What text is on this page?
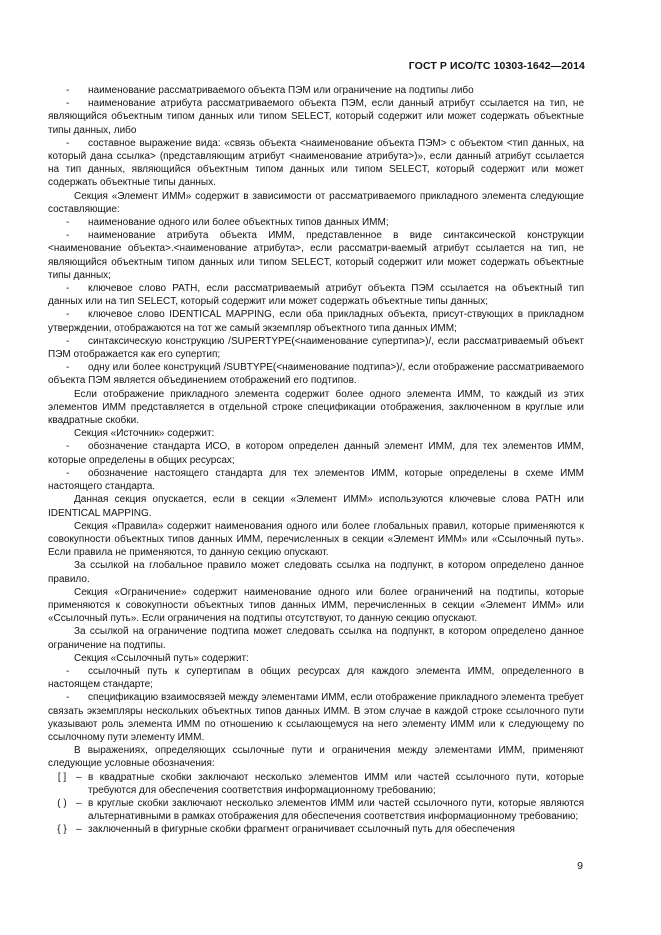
ГОСТ Р ИСО/ТС 10303-1642—2014

- наименование рассматриваемого объекта ПЭМ или ограничение на подтипы либо

- наименование атрибута рассматриваемого объекта ПЭМ, если данный атрибут ссылается на тип, не являющийся объектным типом данных или типом SELECT, который содержит или может содержать объектные типы данных, либо

- составное выражение вида: «связь объекта <наименование объекта ПЭМ> с объектом <тип данных, на который дана ссылка> (представляющим атрибут <наименование атрибута>)», если данный атрибут ссылается на тип данных, являющийся объектным типом данных или типом SELECT, который содержит или может содержать объектные типы данных.

Секция «Элемент ИММ» содержит в зависимости от рассматриваемого прикладного элемента следующие составляющие:

- наименование одного или более объектных типов данных ИММ;

- наименование атрибута объекта ИММ, представленное в виде синтаксической конструкции <наименование объекта>.<наименование атрибута>, если рассматри-ваемый атрибут ссылается на тип, не являющийся объектным типом данных или типом SELECT, который содержит или может содержать объектные типы данных;

- ключевое слово PATH, если рассматриваемый атрибут объекта ПЭМ ссылается на объектный тип данных или на тип SELECT, который содержит или может содержать объектные типы данных;

- ключевое слово IDENTICAL MAPPING, если оба прикладных объекта, присут-ствующих в прикладном утверждении, отображаются на тот же самый экземпляр объектного типа данных ИММ;

- синтаксическую конструкцию /SUPERTYPE(<наименование супертипа>)/, если рассматриваемый объект ПЭМ отображается как его супертип;

- одну или более конструкций /SUBTYPE(<наименование подтипа>)/, если отображение рассматриваемого объекта ПЭМ является объединением отображений его подтипов.

Если отображение прикладного элемента содержит более одного элемента ИММ, то каждый из этих элементов ИММ представляется в отдельной строке спецификации отображения, заключенном в круглые или квадратные скобки.

Секция «Источник» содержит:

- обозначение стандарта ИСО, в котором определен данный элемент ИММ, для тех элементов ИММ, которые определены в общих ресурсах;

- обозначение настоящего стандарта для тех элементов ИММ, которые определены в схеме ИММ настоящего стандарта.

Данная секция опускается, если в секции «Элемент ИММ» используются ключевые слова PATH или IDENTICAL MAPPING.

Секция «Правила» содержит наименования одного или более глобальных правил, которые применяются к совокупности объектных типов данных ИММ, перечисленных в секции «Элемент ИММ» или «Ссылочный путь». Если правила не применяются, то данную секцию опускают.

За ссылкой на глобальное правило может следовать ссылка на подпункт, в котором определено данное правило.

Секция «Ограничение» содержит наименование одного или более ограничений на подтипы, которые применяются к совокупности объектных типов данных ИММ, перечисленных в секции «Элемент ИММ» или «Ссылочный путь». Если ограничения на подтипы отсутствуют, то данную секцию опускают.

За ссылкой на ограничение подтипа может следовать ссылка на подпункт, в котором определено данное ограничение на подтипы.

Секция «Ссылочный путь» содержит:

- ссылочный путь к супертипам в общих ресурсах для каждого элемента ИММ, определенного в настоящем стандарте;

- спецификацию взаимосвязей между элементами ИММ, если отображение прикладного элемента требует связать экземпляры нескольких объектных типов данных ИММ. В этом случае в каждой строке ссылочного пути указывают роль элемента ИММ по отношению к ссылающемуся на него элементу ИММ или к следующему по ссылочному пути элементу ИММ.

В выражениях, определяющих ссылочные пути и ограничения между элементами ИММ, применяют следующие условные обозначения:

[ ] – в квадратные скобки заключают несколько элементов ИММ или частей ссылочного пути, которые требуются для обеспечения соответствия информационному требованию;
( ) – в круглые скобки заключают несколько элементов ИММ или частей ссылочного пути, которые являются альтернативными в рамках отображения для обеспечения соответствия информационному требованию;
{ } – заключенный в фигурные скобки фрагмент ограничивает ссылочный путь для обеспечения
9
